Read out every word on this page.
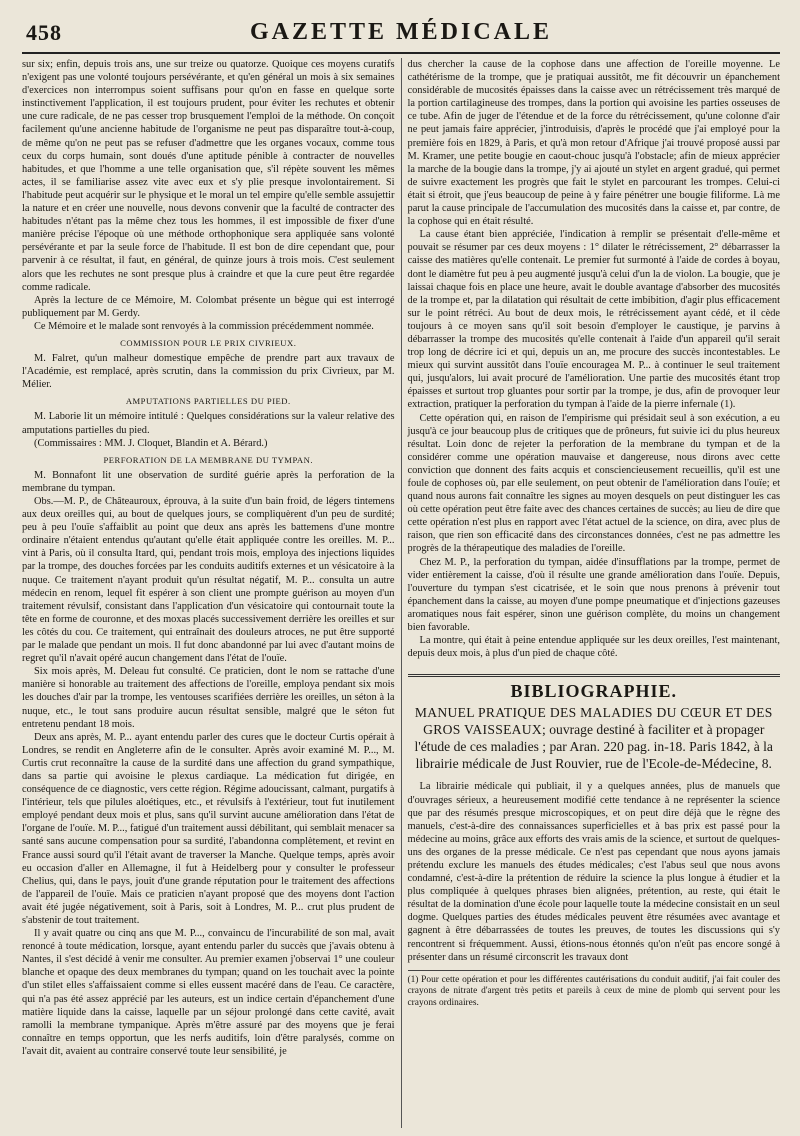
458	GAZETTE MÉDICALE

sur six; enfin, depuis trois ans, une sur treize ou quatorze. Quoique ces moyens curatifs n'exigent pas une volonté toujours persévérante, et qu'en général un mois à six semaines d'exercices non interrompus soient suffisans pour qu'on en fasse en quelque sorte instinctivement l'application, il est toujours prudent, pour éviter les rechutes et obtenir une cure radicale, de ne pas cesser trop brusquement l'emploi de la méthode. On conçoit facilement qu'une ancienne habitude de l'organisme ne peut pas disparaître tout-à-coup, de même qu'on ne peut pas se refuser d'admettre que les organes vocaux, comme tous ceux du corps humain, sont doués d'une aptitude pénible à contracter de nouvelles habitudes, et que l'homme a une telle organisation que, s'il répète souvent les mêmes actes, il se familiarise assez vite avec eux et s'y plie presque involontairement. Si l'habitude peut acquérir sur le physique et le moral un tel empire qu'elle semble assujettir la nature et en créer une nouvelle, nous devons convenir que la faculté de contracter des habitudes n'étant pas la même chez tous les hommes, il est impossible de fixer d'une manière précise l'époque où une méthode orthophonique sera appliquée sans volonté persévérante et par la seule force de l'habitude. Il est bon de dire cependant que, pour parvenir à ce résultat, il faut, en général, de quinze jours à trois mois. C'est seulement alors que les rechutes ne sont presque plus à craindre et que la cure peut être regardée comme radicale.

Après la lecture de ce Mémoire, M. Colombat présente un bègue qui est interrogé publiquement par M. Gerdy.

Ce Mémoire et le malade sont renvoyés à la commission précédemment nommée.

COMMISSION POUR LE PRIX CIVRIEUX.

M. Falret, qu'un malheur domestique empêche de prendre part aux travaux de l'Académie, est remplacé, après scrutin, dans la commission du prix Civrieux, par M. Mélier.

AMPUTATIONS PARTIELLES DU PIED.

M. Laborie lit un mémoire intitulé : Quelques considérations sur la valeur relative des amputations partielles du pied.

(Commissaires : MM. J. Cloquet, Blandin et A. Bérard.)

PERFORATION DE LA MEMBRANE DU TYMPAN.

M. Bonnafont lit une observation de surdité guérie après la perforation de la membrane du tympan.

Obs.—M. P., de Châteauroux, éprouva, à la suite d'un bain froid, de légers tintemens aux deux oreilles qui, au bout de quelques jours, se compliquèrent d'un peu de surdité; peu à peu l'ouïe s'affaiblit au point que deux ans après les battemens d'une montre ordinaire n'étaient entendus qu'autant qu'elle était appliquée contre les oreilles. M. P... vint à Paris, où il consulta Itard, qui, pendant trois mois, employa des injections liquides par la trompe, des douches forcées par les conduits auditifs externes et un vésicatoire à la nuque. Ce traitement n'ayant produit qu'un résultat négatif, M. P... consulta un autre médecin en renom, lequel fit espérer à son client une prompte guérison au moyen d'un traitement révulsif, consistant dans l'application d'un vésicatoire qui contournait toute la tête en forme de couronne, et des moxas placés successivement derrière les oreilles et sur les côtés du cou. Ce traitement, qui entraînait des douleurs atroces, ne put être supporté par le malade que pendant un mois. Il fut donc abandonné par lui avec d'autant moins de regret qu'il n'avait opéré aucun changement dans l'état de l'ouïe.

Six mois après, M. Deleau fut consulté. Ce praticien, dont le nom se rattache d'une manière si honorable au traitement des affections de l'oreille, employa pendant six mois les douches d'air par la trompe, les ventouses scarifiées derrière les oreilles, un séton à la nuque, etc., le tout sans produire aucun résultat sensible, malgré que le séton fut entretenu pendant 18 mois.

Deux ans après, M. P... ayant entendu parler des cures que le docteur Curtis opérait à Londres, se rendit en Angleterre afin de le consulter. Après avoir examiné M. P..., M. Curtis crut reconnaître la cause de la surdité dans une affection du grand sympathique, dans sa partie qui avoisine le plexus cardiaque. La médication fut dirigée, en conséquence de ce diagnostic, vers cette région. Régime adoucissant, calmant, purgatifs à l'intérieur, tels que pilules aloétiques, etc., et révulsifs à l'extérieur, tout fut inutilement employé pendant deux mois et plus, sans qu'il survint aucune amélioration dans l'état de l'organe de l'ouïe. M. P..., fatigué d'un traitement aussi débilitant, qui semblait menacer sa santé sans aucune compensation pour sa surdité, l'abandonna complètement, et revint en France aussi sourd qu'il l'était avant de traverser la Manche. Quelque temps, après avoir eu occasion d'aller en Allemagne, il fut à Heidelberg pour y consulter le professeur Chelius, qui, dans le pays, jouit d'une grande réputation pour le traitement des affections de l'appareil de l'ouïe. Mais ce praticien n'ayant proposé que des moyens dont l'action avait été jugée négativement, soit à Paris, soit à Londres, M. P... crut plus prudent de s'abstenir de tout traitement.

Il y avait quatre ou cinq ans que M. P..., convaincu de l'incurabilité de son mal, avait renoncé à toute médication, lorsque, ayant entendu parler du succès que j'avais obtenu à Nantes, il s'est décidé à venir me consulter. Au premier examen j'observai 1° une couleur blanche et opaque des deux membranes du tympan; quand on les touchait avec la pointe d'un stilet elles s'affaissaient comme si elles eussent macéré dans de l'eau. Ce caractère, qui n'a pas été assez apprécié par les auteurs, est un indice certain d'épanchement d'une matière liquide dans la caisse, laquelle par un séjour prolongé dans cette cavité, avait ramolli la membrane tympanique. Après m'être assuré par des moyens que je ferai connaître en temps opportun, que les nerfs auditifs, loin d'être paralysés, comme on l'avait dit, avaient au contraire conservé toute leur sensibilité, je

dus chercher la cause de la cophose dans une affection de l'oreille moyenne. Le cathétérisme de la trompe, que je pratiquai aussitôt, me fit découvrir un épanchement considérable de mucosités épaisses dans la caisse avec un rétrécissement très marqué de la portion cartilagineuse des trompes, dans la portion qui avoisine les parties osseuses de ce tube. Afin de juger de l'étendue et de la force du rétrécissement, qu'une colonne d'air ne peut jamais faire apprécier, j'introduisis, d'après le procédé que j'ai employé pour la première fois en 1829, à Paris, et qu'à mon retour d'Afrique j'ai trouvé proposé aussi par M. Kramer, une petite bougie en caout-chouc jusqu'à l'obstacle; afin de mieux apprécier la marche de la bougie dans la trompe, j'y ai ajouté un stylet en argent gradué, qui permet de suivre exactement les progrès que fait le stylet en parcourant les trompes. Celui-ci était si étroit, que j'eus beaucoup de peine à y faire pénétrer une bougie filiforme. Là me parut la cause principale de l'accumulation des mucosités dans la caisse et, par contre, de la cophose qui en était résulté.

La cause étant bien appréciée, l'indication à remplir se présentait d'elle-même et pouvait se résumer par ces deux moyens : 1° dilater le rétrécissement, 2° débarrasser la caisse des matières qu'elle contenait. Le premier fut surmonté à l'aide de cordes à boyau, dont le diamètre fut peu à peu augmenté jusqu'à celui d'un la de violon. La bougie, que je laissai chaque fois en place une heure, avait le double avantage d'absorber des mucosités de la trompe et, par la dilatation qui résultait de cette imbibition, d'agir plus efficacement sur le point rétréci. Au bout de deux mois, le rétrécissement ayant cédé, et il cède toujours à ce moyen sans qu'il soit besoin d'employer le caustique, je parvins à débarrasser la trompe des mucosités qu'elle contenait à l'aide d'un appareil qu'il serait trop long de décrire ici et qui, depuis un an, me procure des succès incontestables. Le mieux qui survint aussitôt dans l'ouïe encouragea M. P... à continuer le seul traitement qui, jusqu'alors, lui avait procuré de l'amélioration. Une partie des mucosités étant trop épaisses et surtout trop gluantes pour sortir par la trompe, je dus, afin de provoquer leur extraction, pratiquer la perforation du tympan à l'aide de la pierre infernale (1).

Cette opération qui, en raison de l'empirisme qui présidait seul à son exécution, a eu jusqu'à ce jour beaucoup plus de critiques que de prôneurs, fut suivie ici du plus heureux résultat. Loin donc de rejeter la perforation de la membrane du tympan et de la considérer comme une opération mauvaise et dangereuse, nous dirons avec cette conviction que donnent des faits acquis et consciencieusement recueillis, qu'il est une foule de cophoses où, par elle seulement, on peut obtenir de l'amélioration dans l'ouïe; et quand nous aurons fait connaître les signes au moyen desquels on peut distinguer les cas où cette opération peut être faite avec des chances certaines de succès; au lieu de dire que cette opération n'est plus en rapport avec l'état actuel de la science, on dira, avec plus de raison, que rien son efficacité dans des circonstances données, c'est ne pas admettre les progrès de la thérapeutique des maladies de l'oreille.

Chez M. P., la perforation du tympan, aidée d'insufflations par la trompe, permet de vider entièrement la caisse, d'où il résulte une grande amélioration dans l'ouïe. Depuis, l'ouverture du tympan s'est cicatrisée, et le soin que nous prenons à prévenir tout épanchement dans la caisse, au moyen d'une pompe pneumatique et d'injections gazeuses aromatiques nous fait espérer, sinon une guérison complète, du moins un changement bien favorable.

La montre, qui était à peine entendue appliquée sur les deux oreilles, l'est maintenant, depuis deux mois, à plus d'un pied de chaque côté.

BIBLIOGRAPHIE.
MANUEL PRATIQUE DES MALADIES DU CŒUR ET DES GROS VAISSEAUX; ouvrage destiné à faciliter et à propager l'étude de ces maladies ; par Aran. 220 pag. in-18. Paris 1842, à la librairie médicale de Just Rouvier, rue de l'Ecole-de-Médecine, 8.

La librairie médicale qui publiait, il y a quelques années, plus de manuels que d'ouvrages sérieux, a heureusement modifié cette tendance à ne représenter la science que par des résumés presque microscopiques, et on peut dire déjà que le règne des manuels, c'est-à-dire des connaissances superficielles et à bas prix est passé pour la médecine au moins, grâce aux efforts des vrais amis de la science, et surtout de quelques-uns des organes de la presse médicale. Ce n'est pas cependant que nous ayons jamais prétendu exclure les manuels des études médicales; c'est l'abus seul que nous avons condamné, c'est-à-dire la prétention de réduire la science la plus longue à étudier et la plus compliquée à quelques phrases bien alignées, prétention, au reste, qui était le résultat de la domination d'une école pour laquelle toute la médecine consistait en un seul dogme. Quelques parties des études médicales peuvent être résumées avec avantage et gagnent à être débarrassées de toutes les preuves, de toutes les discussions qui s'y rencontrent si fréquemment. Aussi, étions-nous étonnés qu'on n'eût pas encore songé à présenter dans un résumé circonscrit les travaux dont

(1) Pour cette opération et pour les différentes cautérisations du conduit auditif, j'ai fait couler des crayons de nitrate d'argent très petits et pareils à ceux de mine de plomb qui servent pour les crayons ordinaires.
